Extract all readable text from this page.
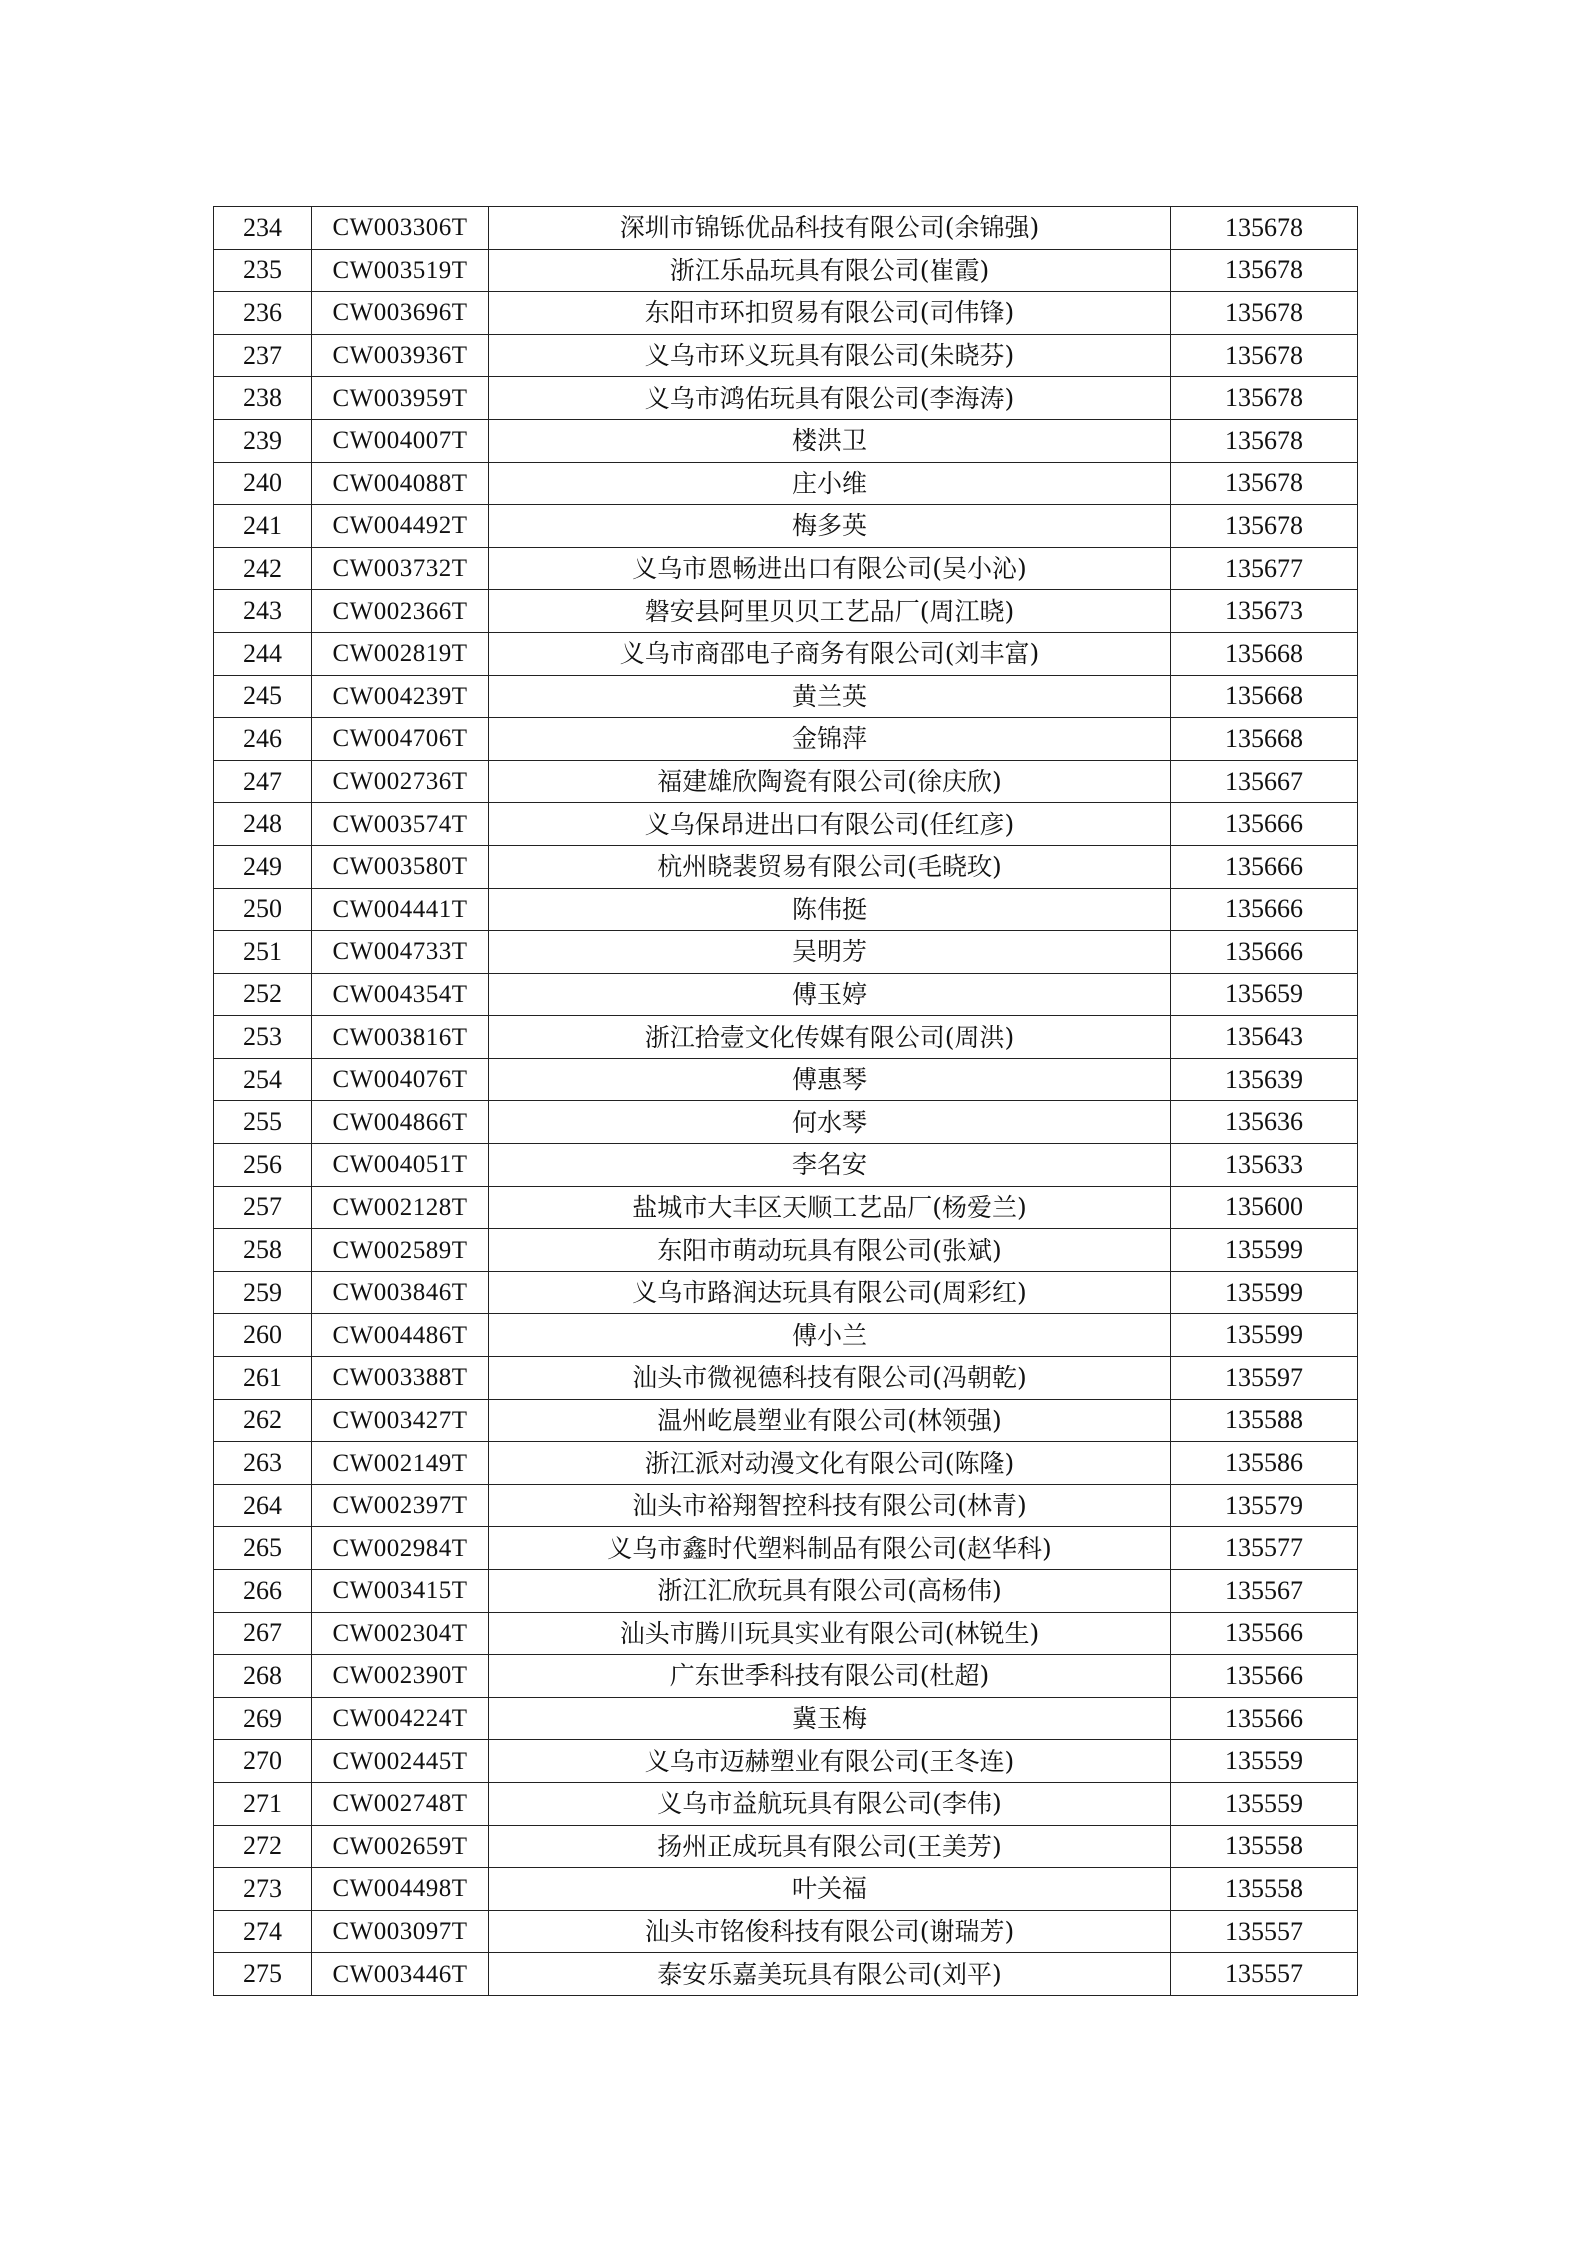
234	CW003306T	深圳市锦铄优品科技有限公司(余锦强)	135678
235	CW003519T	浙江乐品玩具有限公司(崔霞)	135678
236	CW003696T	东阳市环扣贸易有限公司(司伟锋)	135678
237	CW003936T	义乌市环义玩具有限公司(朱晓芬)	135678
238	CW003959T	义乌市鸿佑玩具有限公司(李海涛)	135678
239	CW004007T	楼洪卫	135678
240	CW004088T	庄小维	135678
241	CW004492T	梅多英	135678
242	CW003732T	义乌市恩畅进出口有限公司(吴小沁)	135677
243	CW002366T	磐安县阿里贝贝工艺品厂(周江晓)	135673
244	CW002819T	义乌市商邵电子商务有限公司(刘丰富)	135668
245	CW004239T	黄兰英	135668
246	CW004706T	金锦萍	135668
247	CW002736T	福建雄欣陶瓷有限公司(徐庆欣)	135667
248	CW003574T	义乌保昂进出口有限公司(任红彦)	135666
249	CW003580T	杭州晓裴贸易有限公司(毛晓玫)	135666
250	CW004441T	陈伟挺	135666
251	CW004733T	吴明芳	135666
252	CW004354T	傅玉婷	135659
253	CW003816T	浙江拾壹文化传媒有限公司(周洪)	135643
254	CW004076T	傅惠琴	135639
255	CW004866T	何水琴	135636
256	CW004051T	李名安	135633
257	CW002128T	盐城市大丰区天顺工艺品厂(杨爱兰)	135600
258	CW002589T	东阳市萌动玩具有限公司(张斌)	135599
259	CW003846T	义乌市路润达玩具有限公司(周彩红)	135599
260	CW004486T	傅小兰	135599
261	CW003388T	汕头市微视德科技有限公司(冯朝乾)	135597
262	CW003427T	温州屹晨塑业有限公司(林领强)	135588
263	CW002149T	浙江派对动漫文化有限公司(陈隆)	135586
264	CW002397T	汕头市裕翔智控科技有限公司(林青)	135579
265	CW002984T	义乌市鑫时代塑料制品有限公司(赵华科)	135577
266	CW003415T	浙江汇欣玩具有限公司(高杨伟)	135567
267	CW002304T	汕头市腾川玩具实业有限公司(林锐生)	135566
268	CW002390T	广东世季科技有限公司(杜超)	135566
269	CW004224T	冀玉梅	135566
270	CW002445T	义乌市迈赫塑业有限公司(王冬连)	135559
271	CW002748T	义乌市益航玩具有限公司(李伟)	135559
272	CW002659T	扬州正成玩具有限公司(王美芳)	135558
273	CW004498T	叶关福	135558
274	CW003097T	汕头市铭俊科技有限公司(谢瑞芳)	135557
275	CW003446T	泰安乐嘉美玩具有限公司(刘平)	135557
